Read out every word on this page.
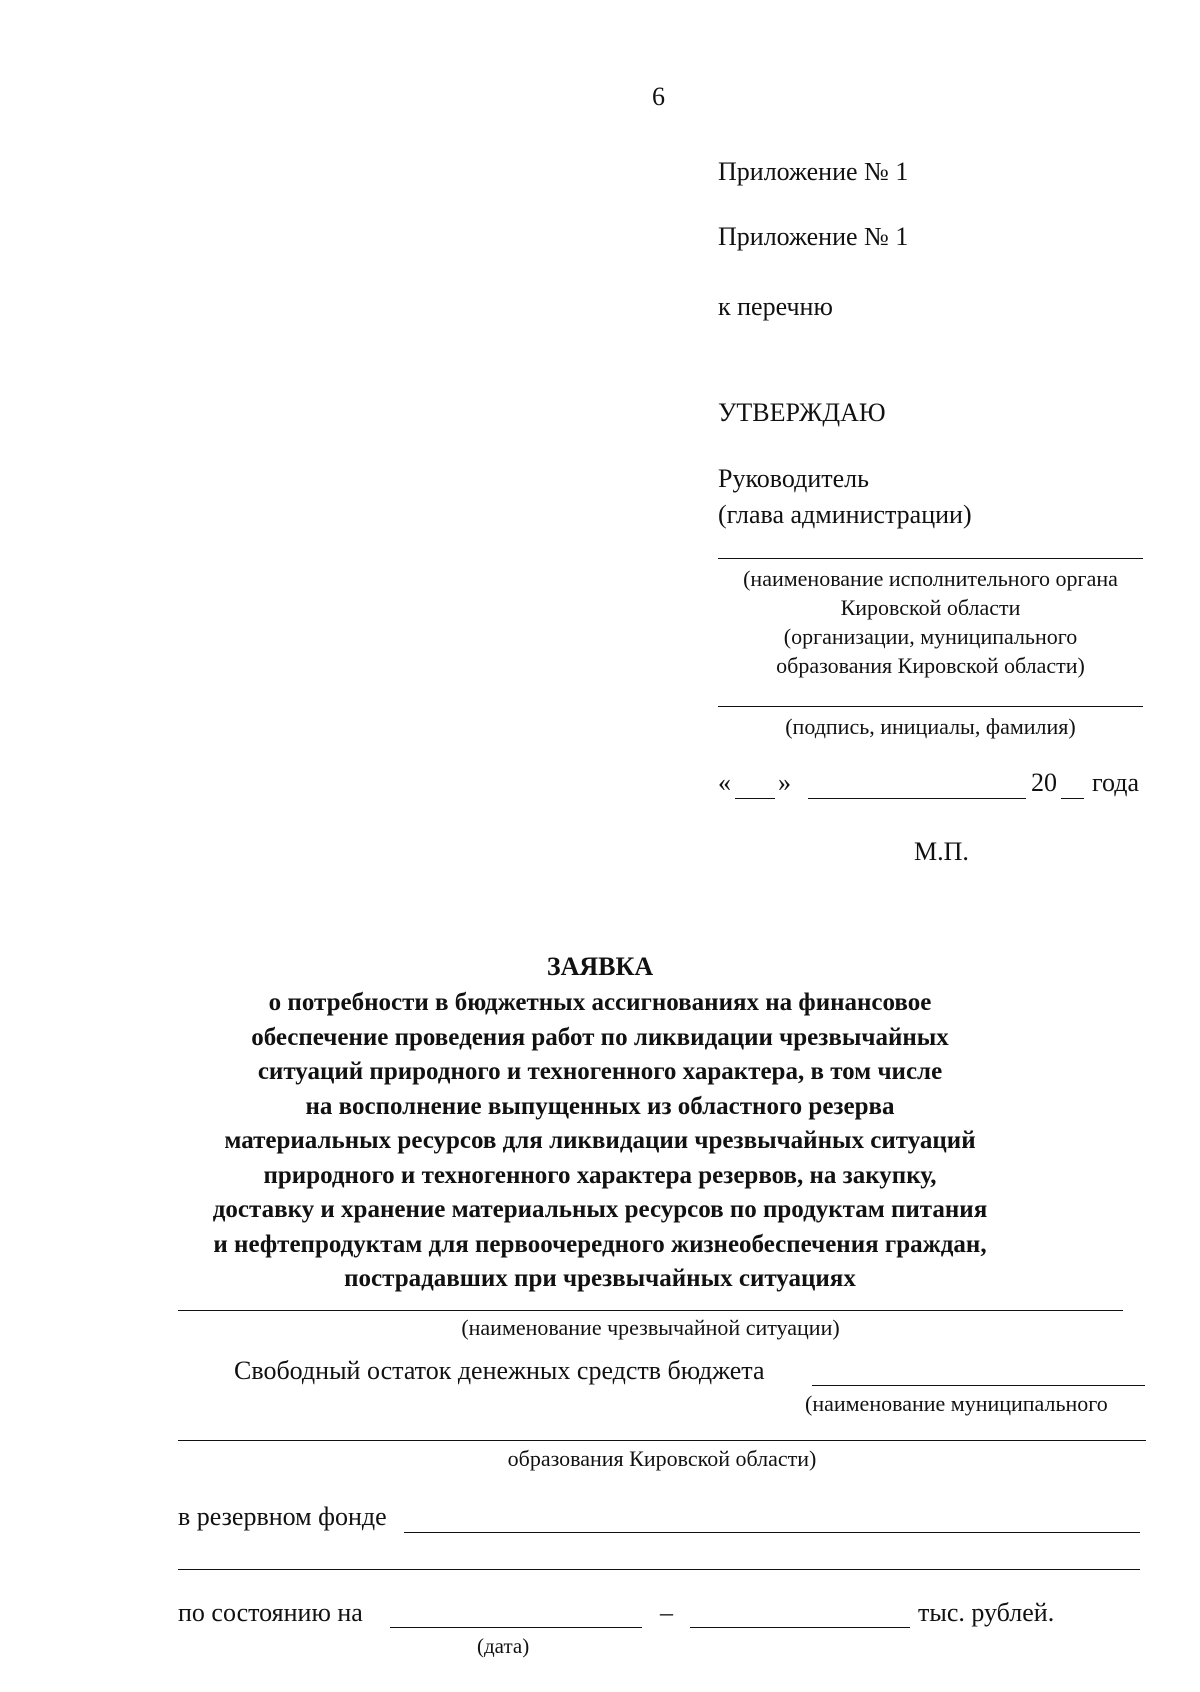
6
Приложение № 1
Приложение № 1
к перечню
УТВЕРЖДАЮ
Руководитель
(глава администрации)
(наименование исполнительного органа
Кировской области
(организации, муниципального
образования Кировской области)
(подпись, инициалы, фамилия)
« »	20 года
М.П.
ЗАЯВКА
о потребности в бюджетных ассигнованиях на финансовое
обеспечение проведения работ по ликвидации чрезвычайных
ситуаций природного и техногенного характера, в том числе
на восполнение выпущенных из областного резерва
материальных ресурсов для ликвидации чрезвычайных ситуаций
природного и техногенного характера резервов, на закупку,
доставку и хранение материальных ресурсов по продуктам питания
и нефтепродуктам для первоочередного жизнеобеспечения граждан,
пострадавших при чрезвычайных ситуациях
(наименование чрезвычайной ситуации)
Свободный остаток денежных средств бюджета
(наименование муниципального
образования Кировской области)
в резервном фонде
по состоянию на	–	тыс. рублей.
(дата)
